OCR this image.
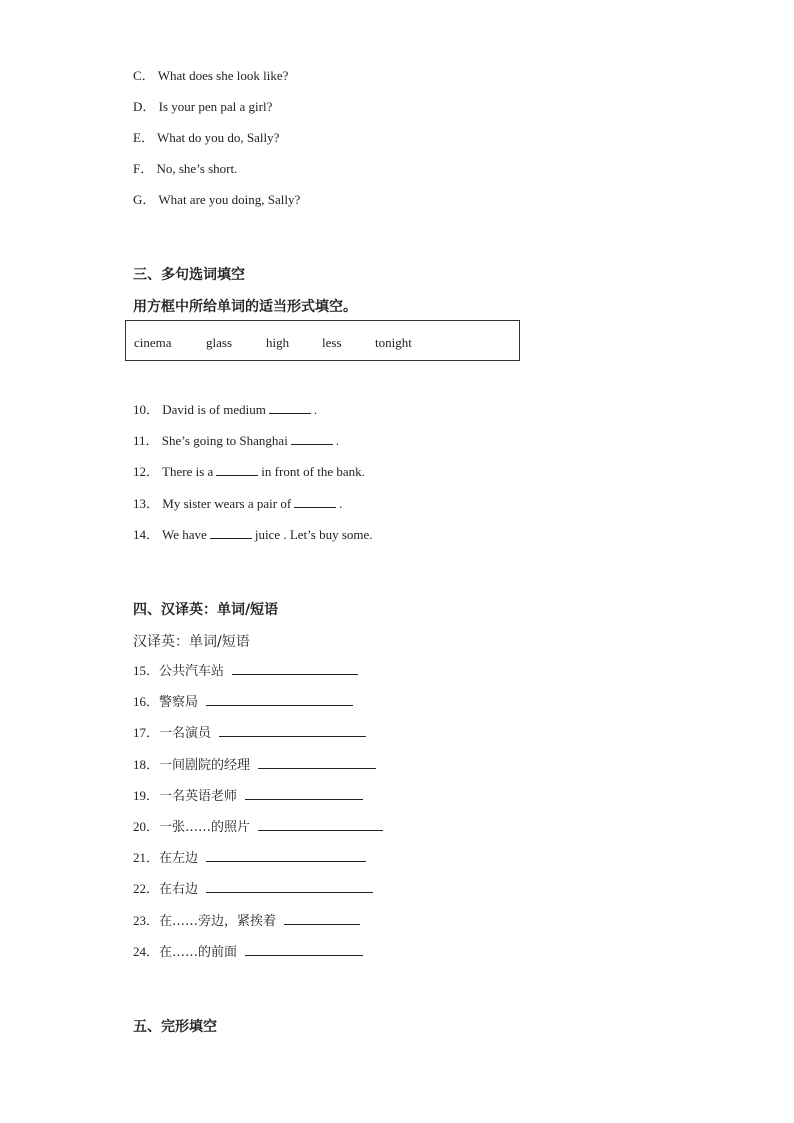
C． What does she look like?
D． Is your pen pal a girl?
E． What do you do, Sally?
F． No, she’s short.
G． What are you doing, Sally?
三、多句选词填空
用方框中所给单词的适当形式填空。
cinema	glass	high	less	tonight
10． David is of medium	.
11． She’s going to Shanghai	.
12． There is a	in front of the bank.
13． My sister wears a pair of	.
14． We have	juice . Let’s buy some.
四、汉译英：单词/短语
汉译英：单词/短语
15．公共汽车站
16．警察局
17．一名演员
18．一间剧院的经理
19．一名英语老师
20．一张……的照片
21．在左边
22．在右边
23．在……旁边，紧挨着
24．在……的前面
五、完形填空
